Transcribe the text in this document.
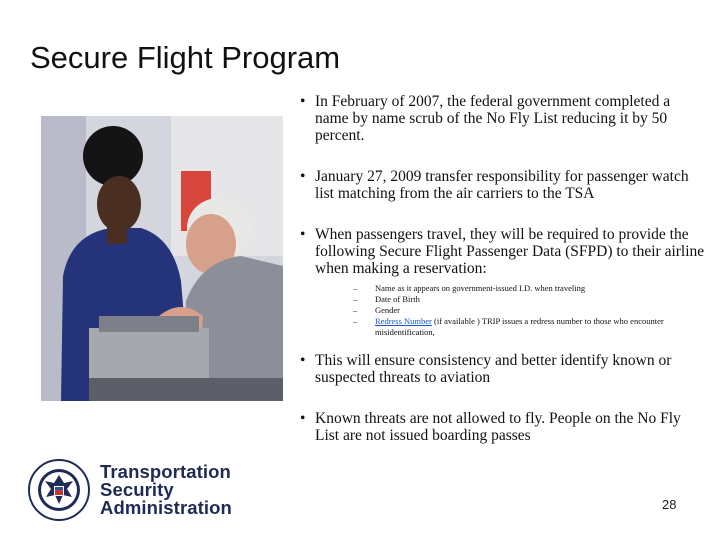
Secure Flight Program
• In February of 2007, the federal government completed a name by name scrub of the No Fly List reducing it by 50 percent.
• January 27, 2009 transfer responsibility for passenger watch list matching from the air carriers to the TSA
• When passengers travel, they will be required to provide the following Secure Flight Passenger Data (SFPD) to their airline when making a reservation:
– Name as it appears on government-issued I.D. when traveling
– Date of Birth
– Gender
– Redress Number (if available ) TRIP issues a redress number to those who encounter misidentification,
• This will ensure consistency and better identify known or suspected threats to aviation
• Known threats are not allowed to fly. People on the No Fly List are not issued boarding passes
Transportation
Security
Administration	28
